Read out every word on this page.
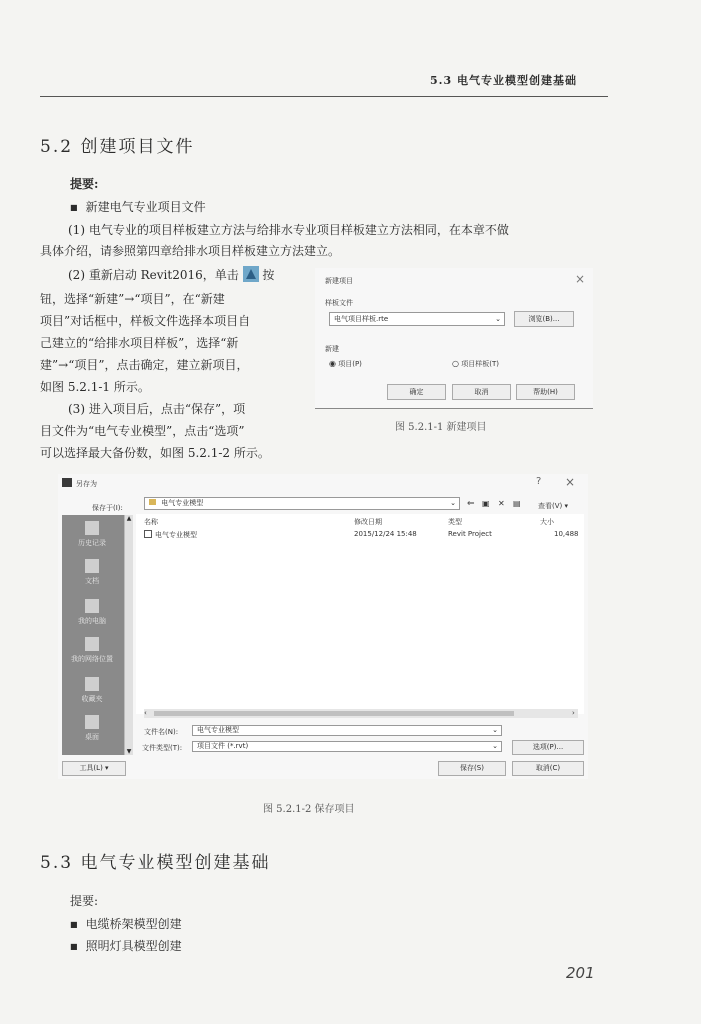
5.3 电气专业模型创建基础
5.2 创建项目文件
提要:
■ 新建电气专业项目文件
(1) 电气专业的项目样板建立方法与给排水专业项目样板建立方法相同，在本章不做
具体介绍，请参照第四章给排水项目样板建立方法建立。
(2) 重新启动 Revit2016，单击 按
钮，选择“新建”→“项目”，在“新建
项目”对话框中，样板文件选择本项目自
己建立的“给排水项目样板”，选择“新
建”→“项目”，点击确定，建立新项目，
如图 5.2.1-1 所示。
(3) 进入项目后，点击“保存”，项
目文件为“电气专业模型”，点击“选项”
可以选择最大备份数，如图 5.2.1-2 所示。
新建项目	×
样板文件
电气项目样板.rte	⌄	浏览(B)...
新建
◉ 项目(P)	○ 项目样板(T)
确定	取消	帮助(H)
图 5.2.1-1 新建项目
另存为	? ×
保存于(I):
电气专业模型	⌄ ⇐ ▣ ✕ ▤ 查看(V) ▾
历史记录
文档
我的电脑
我的网络位置
收藏夹
桌面
▲
▼
名称	修改日期	类型	大小
电气专业模型	2015/12/24 15:48	Revit Project	10,488
‹	›
文件名(N):	电气专业模型	⌄
文件类型(T):	项目文件 (*.rvt)	⌄	选项(P)...
工具(L) ▾	保存(S)	取消(C)
图 5.2.1-2 保存项目
5.3 电气专业模型创建基础
提要:
■ 电缆桥架模型创建
■ 照明灯具模型创建
201
